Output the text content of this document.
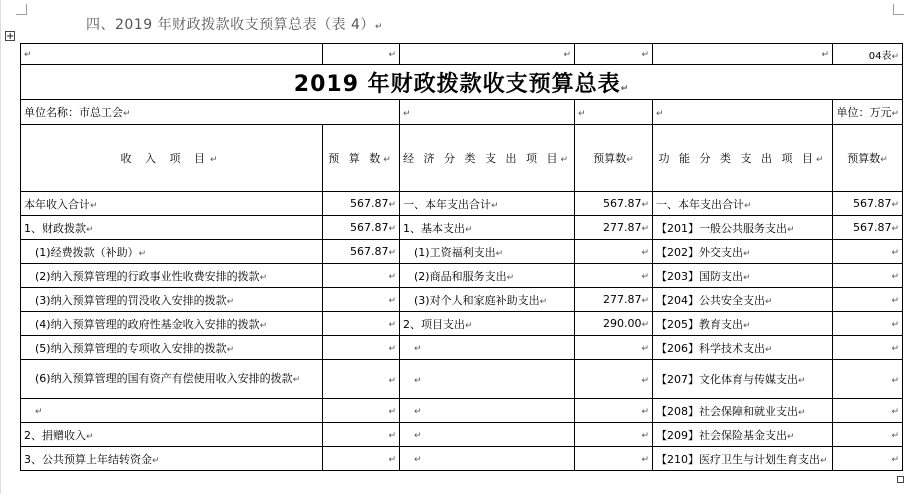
四、2019 年财政拨款收支预算总表（表 4）↵
+
↵	↵	↵	↵	↵	04表↵
2019 年财政拨款收支预算总表↵					
单位名称：市总工会↵		↵	↵	↵	单位：万元↵
收 入 项 目↵	预 算 数↵	经 济 分 类 支 出 项 目↵	预算数↵	功 能 分 类 支 出 项 目↵	预算数↵
本年收入合计↵	567.87↵	一、本年支出合计↵	567.87↵	一、本年支出合计↵	567.87↵
1、财政拨款↵	567.87↵	1、基本支出↵	277.87↵	【201】一般公共服务支出↵	567.87↵
(1)经费拨款（补助）↵	567.87↵	(1)工资福利支出↵	↵	【202】外交支出↵	↵
(2)纳入预算管理的行政事业性收费安排的拨款↵	↵	(2)商品和服务支出↵	↵	【203】国防支出↵	↵
(3)纳入预算管理的罚没收入安排的拨款↵	↵	(3)对个人和家庭补助支出↵	277.87↵	【204】公共安全支出↵	↵
(4)纳入预算管理的政府性基金收入安排的拨款↵	↵	2、项目支出↵	290.00↵	【205】教育支出↵	↵
(5)纳入预算管理的专项收入安排的拨款↵	↵	↵	↵	【206】科学技术支出↵	↵
(6)纳入预算管理的国有资产有偿使用收入安排的拨款↵	↵	↵	↵	【207】文化体育与传媒支出↵	↵
↵	↵	↵	↵	【208】社会保障和就业支出↵	↵
2、捐赠收入↵	↵	↵	↵	【209】社会保险基金支出↵	↵
3、公共预算上年结转资金↵	↵	↵	↵	【210】医疗卫生与计划生育支出↵	↵
